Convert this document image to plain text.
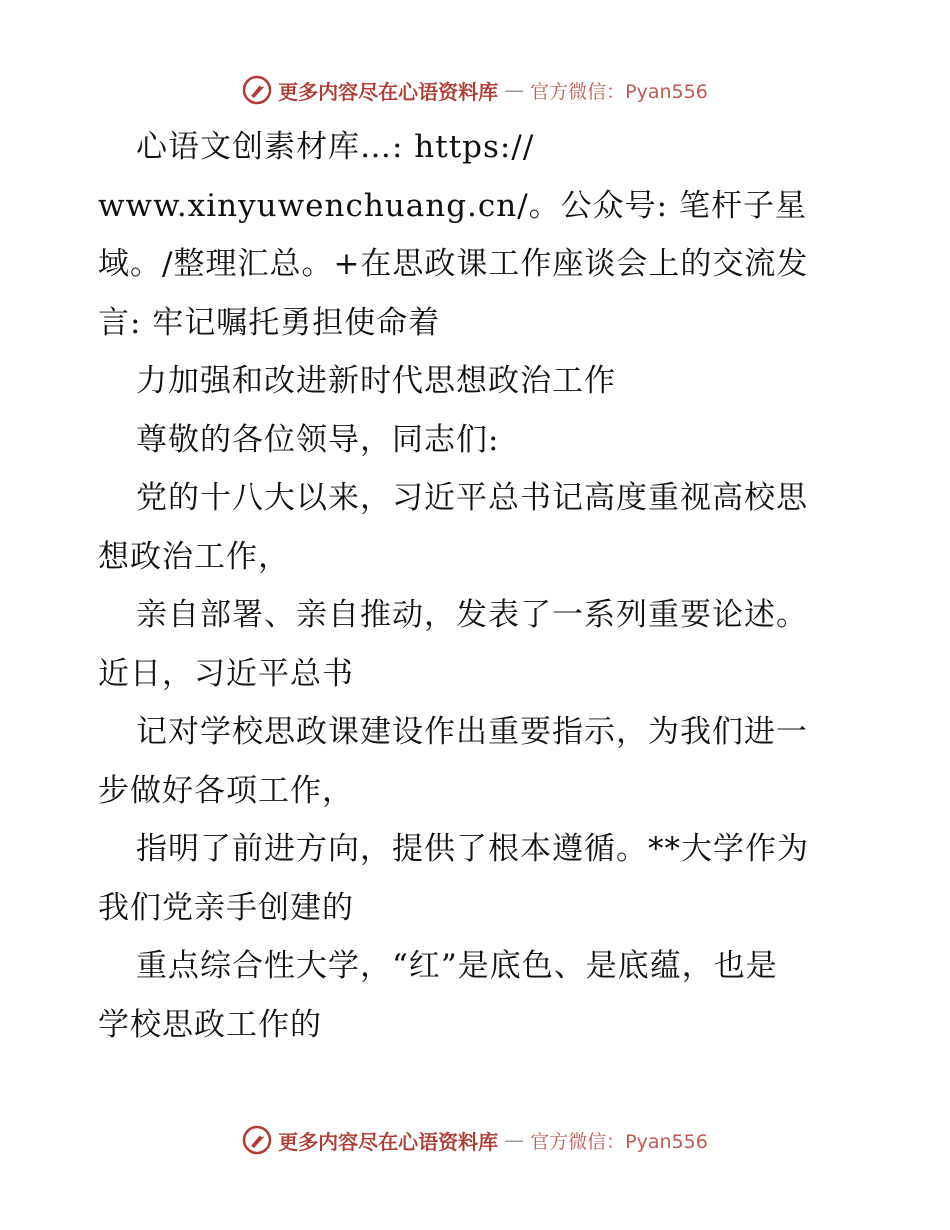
更多内容尽在心语资料库 — 官方微信：Pyan556

心语文创素材库…: https://

www.xinyuwenchuang.cn/。公众号: 笔杆子星
域。/整理汇总。+在思政课工作座谈会上的交流发
言: 牢记嘱托勇担使命着

力加强和改进新时代思想政治工作

尊敬的各位领导，同志们:

党的十八大以来，习近平总书记高度重视高校思

想政治工作，

亲自部署、亲自推动，发表了一系列重要论述。

近日，习近平总书

记对学校思政课建设作出重要指示，为我们进一

步做好各项工作，

指明了前进方向，提供了根本遵循。**大学作为

我们党亲手创建的

重点综合性大学，“红”是底色、是底蕴，也是

学校思政工作的

更多内容尽在心语资料库 — 官方微信：Pyan556
